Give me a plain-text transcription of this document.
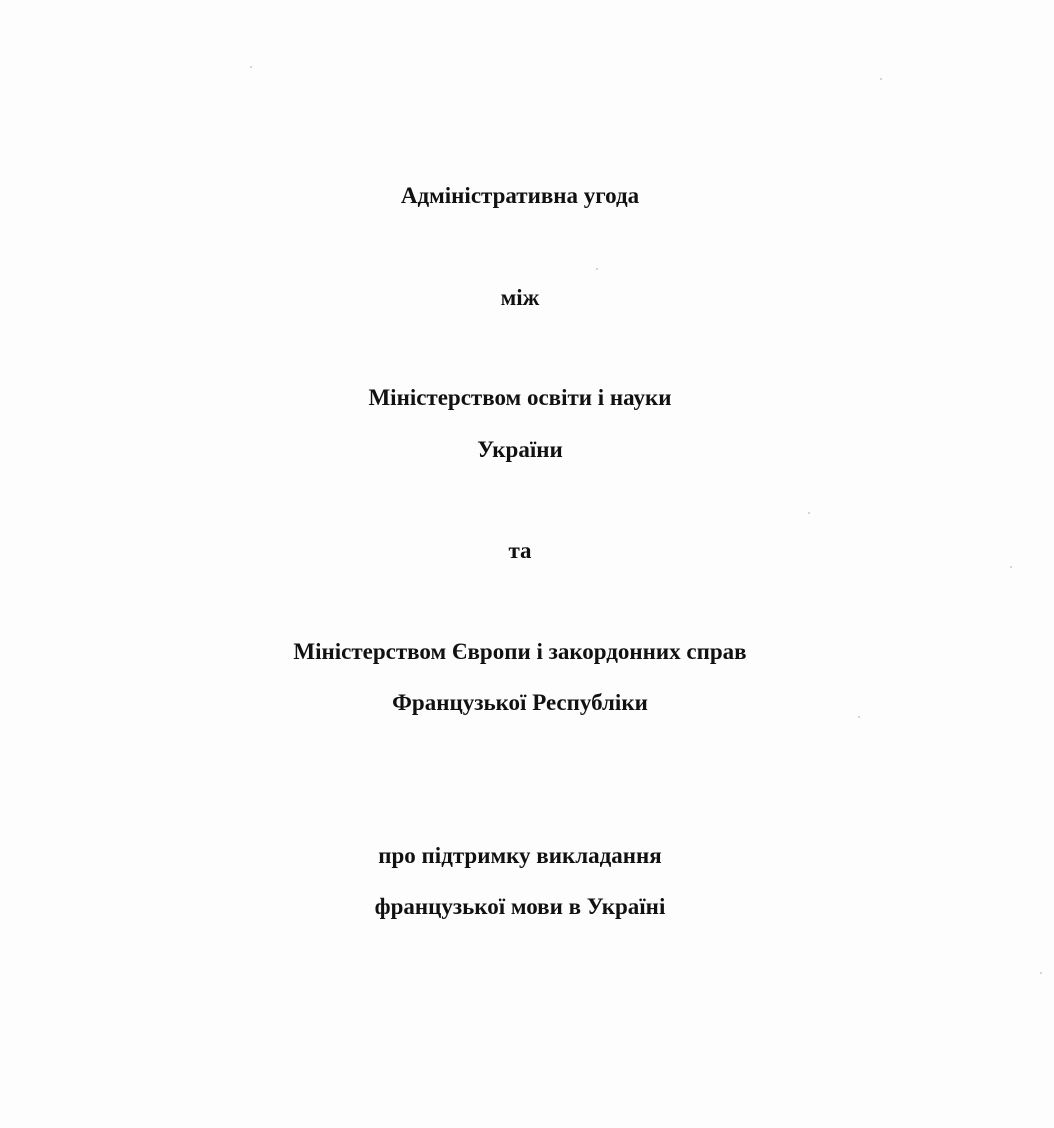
Адміністративна угода
між
Міністерством освіти і науки
України
та
Міністерством Європи і закордонних справ
Французької Республіки
про підтримку викладання
французької мови в Україні
